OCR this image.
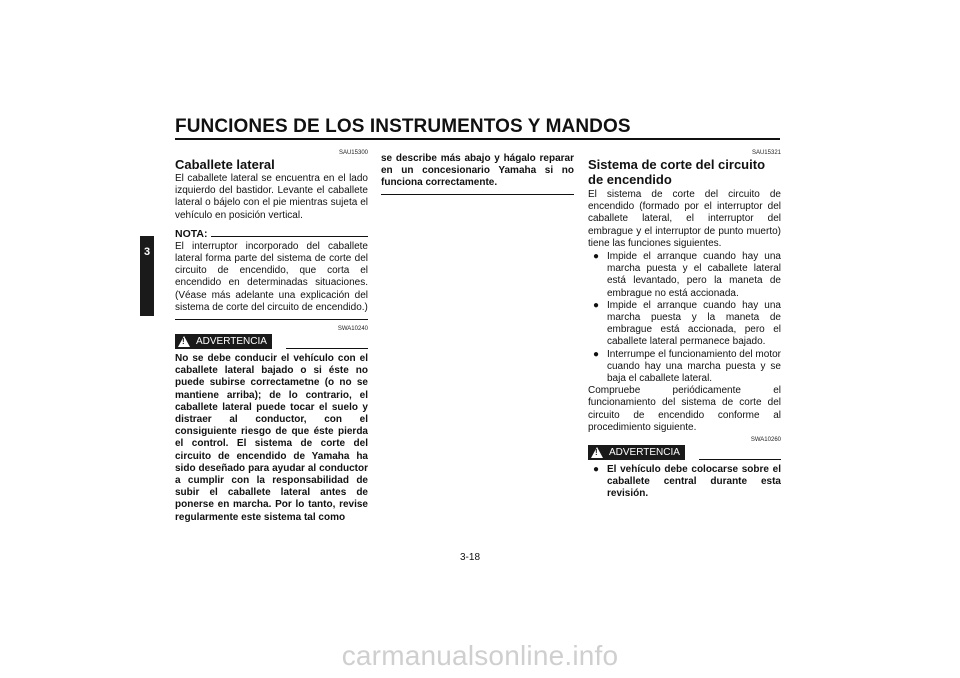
FUNCIONES DE LOS INSTRUMENTOS Y MANDOS
3
SAU15300
Caballete lateral
El caballete lateral se encuentra en el lado izquierdo del bastidor. Levante el caballete lateral o bájelo con el pie mientras sujeta el vehículo en posición vertical.
NOTA:
El interruptor incorporado del caballete lateral forma parte del sistema de corte del circuito de encendido, que corta el encendido en determinadas situaciones. (Véase más adelante una explicación del sistema de corte del circuito de encendido.)
SWA10240
! ADVERTENCIA
No se debe conducir el vehículo con el caballete lateral bajado o si éste no puede subirse correctametne (o no se mantiene arriba); de lo contrario, el caballete lateral puede tocar el suelo y distraer al conductor, con el consiguiente riesgo de que éste pierda el control. El sistema de corte del circuito de encendido de Yamaha ha sido deseñado para ayudar al conductor a cumplir con la responsabilidad de subir el caballete lateral antes de ponerse en marcha. Por lo tanto, revise regularmente este sistema tal como
se describe más abajo y hágalo reparar en un concesionario Yamaha si no funciona correctamente.
SAU15321
Sistema de corte del circuito de encendido
El sistema de corte del circuito de encendido (formado por el interruptor del caballete lateral, el interruptor del embrague y el interruptor de punto muerto) tiene las funciones siguientes.
● Impide el arranque cuando hay una marcha puesta y el caballete lateral está levantado, pero la maneta de embrague no está accionada.
● Impide el arranque cuando hay una marcha puesta y la maneta de embrague está accionada, pero el caballete lateral permanece bajado.
● Interrumpe el funcionamiento del motor cuando hay una marcha puesta y se baja el caballete lateral.
Compruebe periódicamente el funcionamiento del sistema de corte del circuito de encendido conforme al procedimiento siguiente.
SWA10260
! ADVERTENCIA
● El vehículo debe colocarse sobre el caballete central durante esta revisión.
3-18
carmanualsonline.info
